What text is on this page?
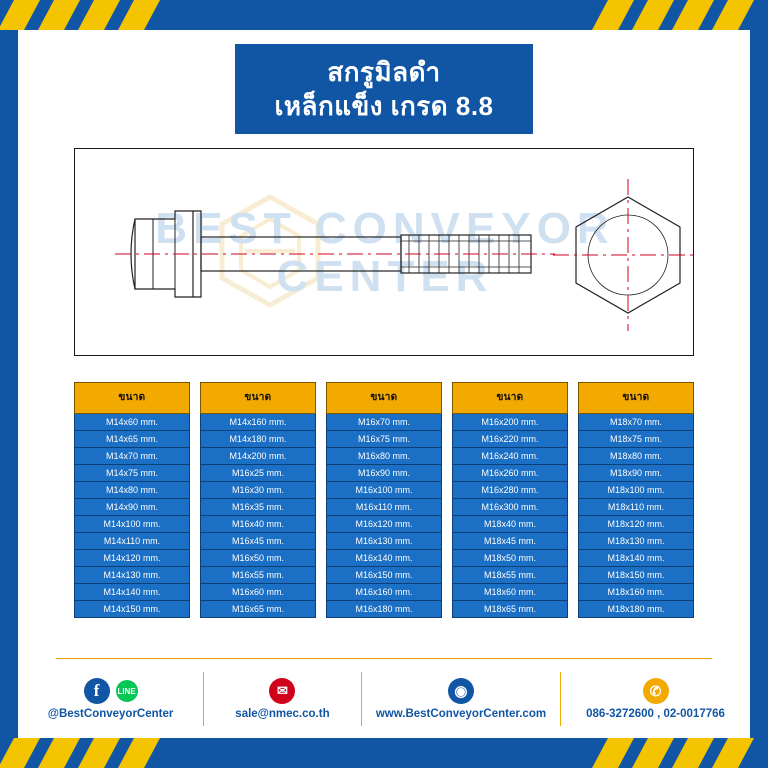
สกรูมิลดำ
เหล็กแข็ง เกรด 8.8
BEST CONVEYOR
CENTER
ขนาด
M14x60 mm.
M14x65 mm.
M14x70 mm.
M14x75 mm.
M14x80 mm.
M14x90 mm.
M14x100 mm.
M14x110 mm.
M14x120 mm.
M14x130 mm.
M14x140 mm.
M14x150 mm.
ขนาด
M14x160 mm.
M14x180 mm.
M14x200 mm.
M16x25 mm.
M16x30 mm.
M16x35 mm.
M16x40 mm.
M16x45 mm.
M16x50 mm.
M16x55 mm.
M16x60 mm.
M16x65 mm.
ขนาด
M16x70 mm.
M16x75 mm.
M16x80 mm.
M16x90 mm.
M16x100 mm.
M16x110 mm.
M16x120 mm.
M16x130 mm.
M16x140 mm.
M16x150 mm.
M16x160 mm.
M16x180 mm.
ขนาด
M16x200 mm.
M16x220 mm.
M16x240 mm.
M16x260 mm.
M16x280 mm.
M16x300 mm.
M18x40 mm.
M18x45 mm.
M18x50 mm.
M18x55 mm.
M18x60 mm.
M18x65 mm.
ขนาด
M18x70 mm.
M18x75 mm.
M18x80 mm.
M18x90 mm.
M18x100 mm.
M18x110 mm.
M18x120 mm.
M18x130 mm.
M18x140 mm.
M18x150 mm.
M18x160 mm.
M18x180 mm.
f	LINE
@BestConveyorCenter
✉
sale@nmec.co.th
◉
www.BestConveyorCenter.com
✆
086-3272600 , 02-0017766
